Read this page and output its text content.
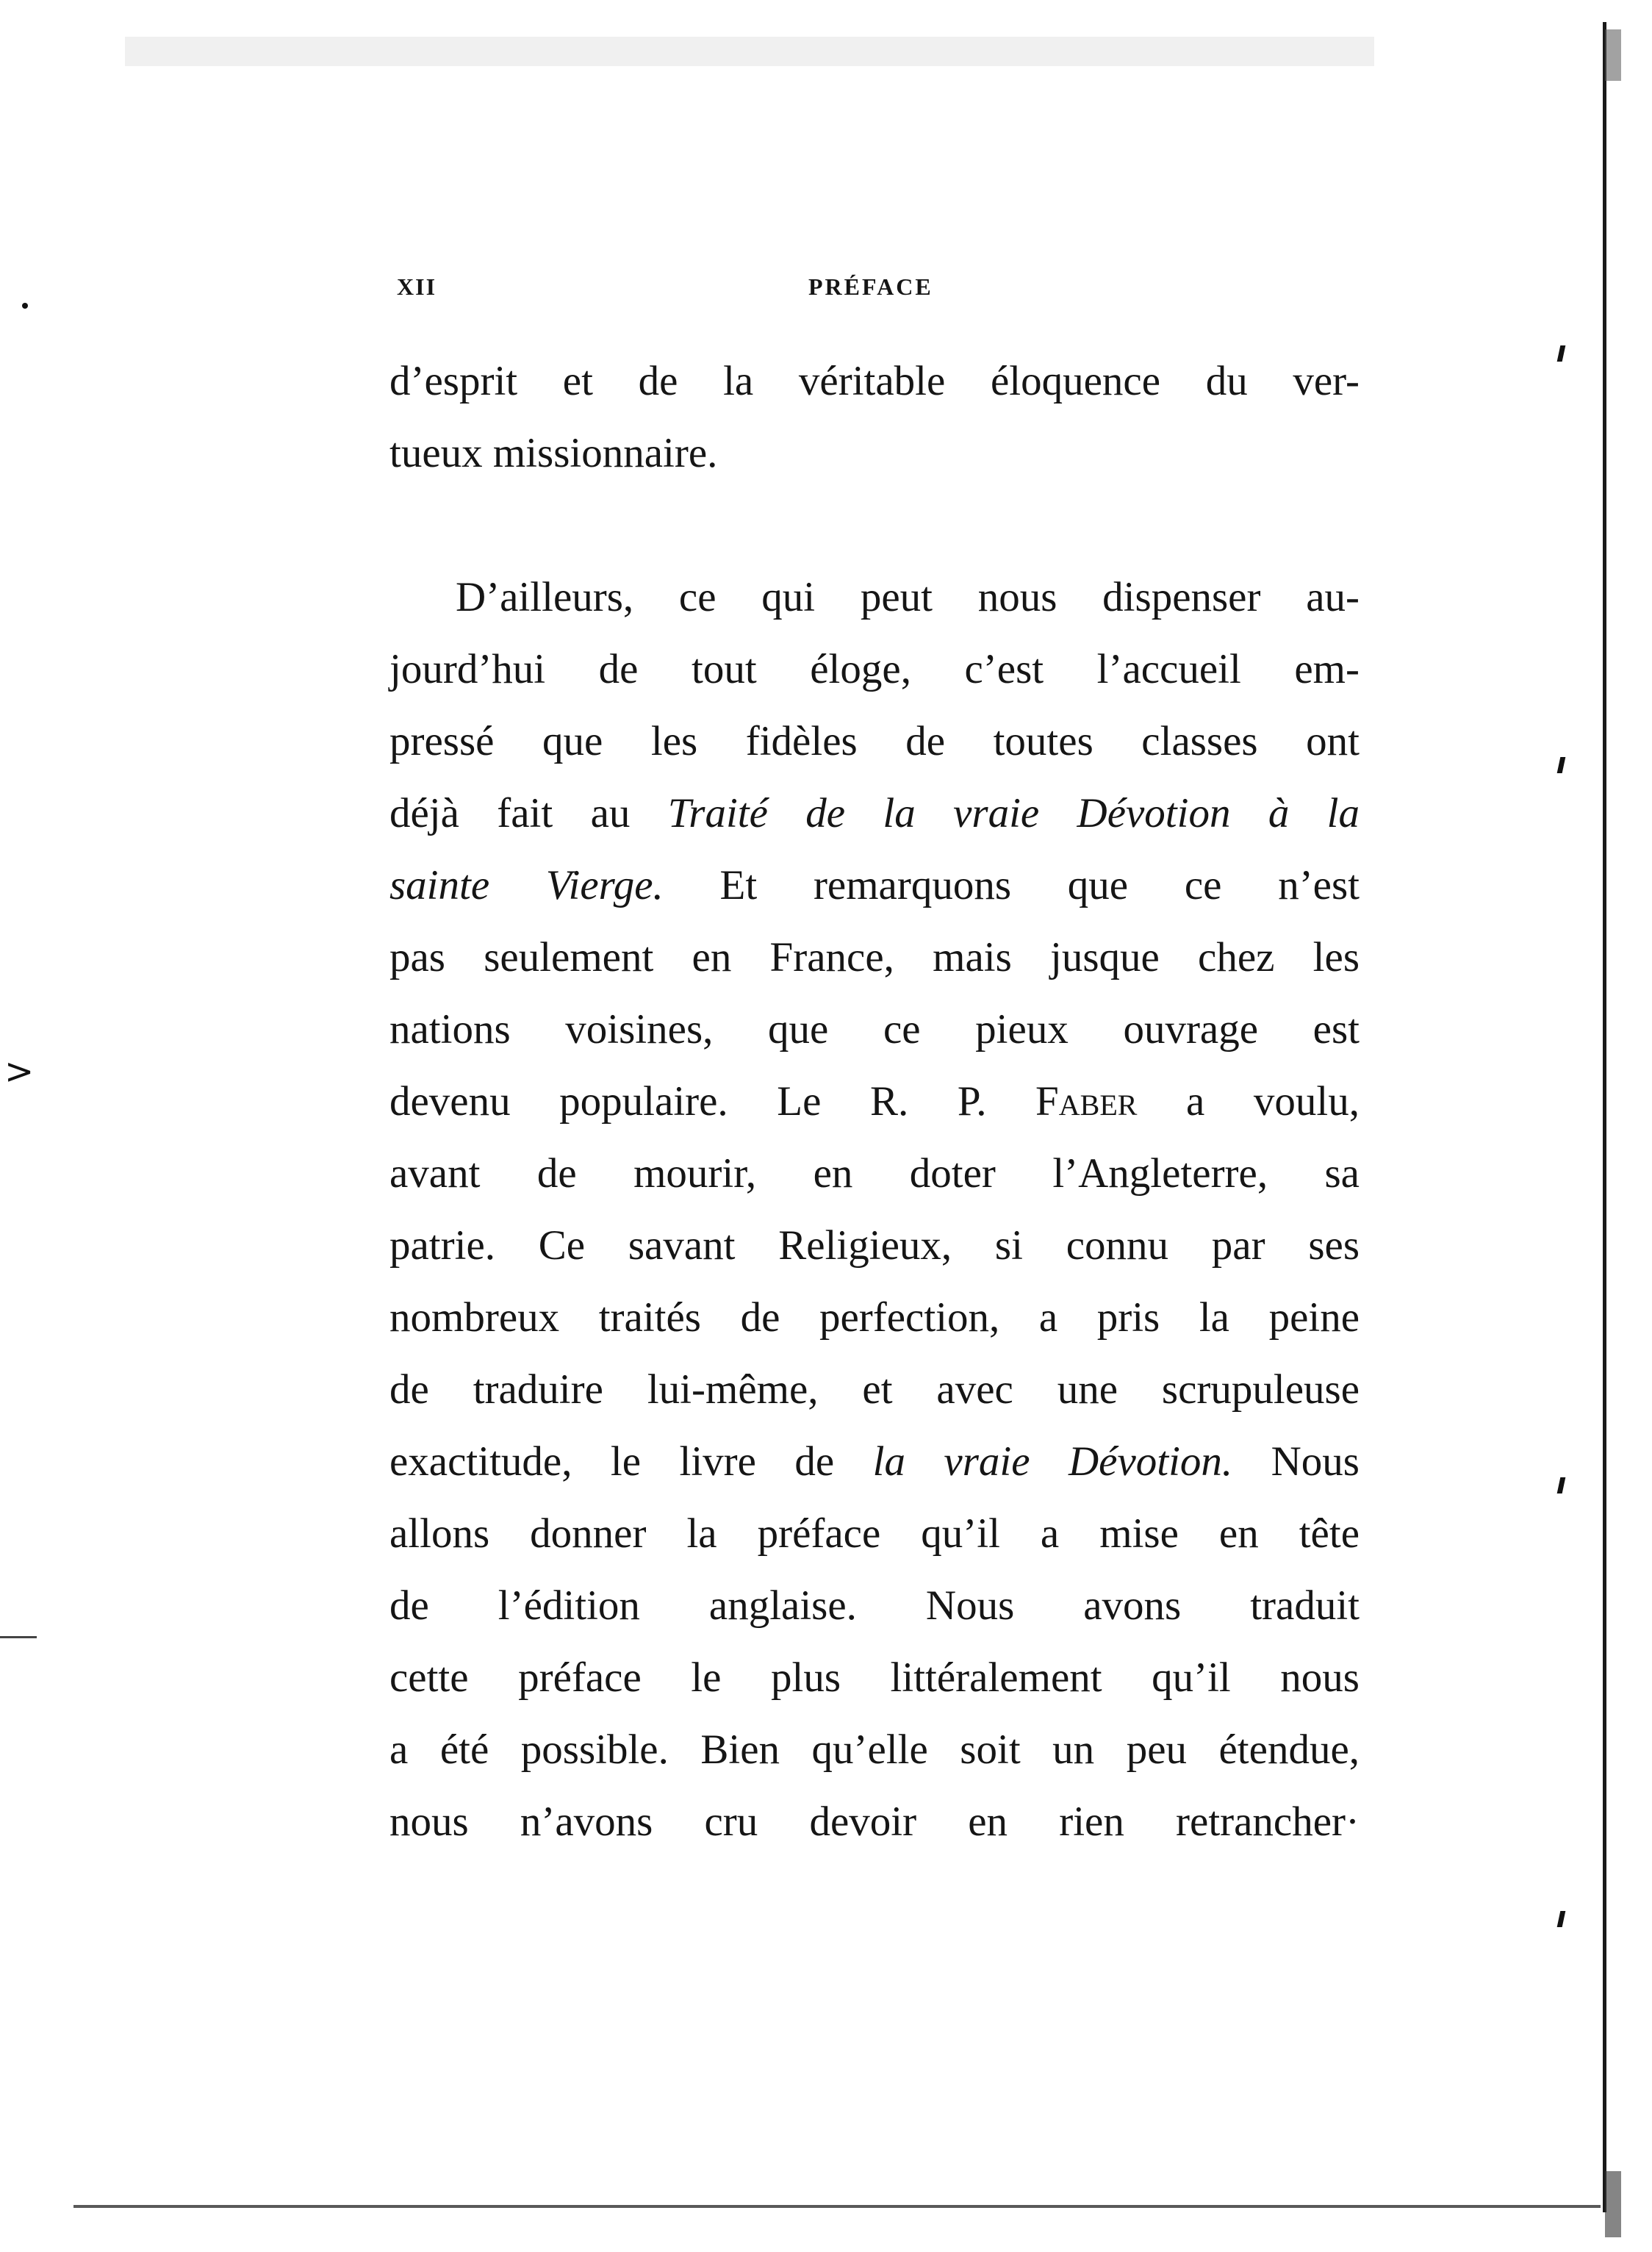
>
XII	PRÉFACE
d’esprit et de la véritable éloquence du ver-
tueux missionnaire.
D’ailleurs, ce qui peut nous dispenser au-
jourd’hui de tout éloge, c’est l’accueil em-
pressé que les fidèles de toutes classes ont
déjà fait au Traité de la vraie Dévotion à la
sainte Vierge. Et remarquons que ce n’est
pas seulement en France, mais jusque chez les
nations voisines, que ce pieux ouvrage est
devenu populaire. Le R. P. Faber a voulu,
avant de mourir, en doter l’Angleterre, sa
patrie. Ce savant Religieux, si connu par ses
nombreux traités de perfection, a pris la peine
de traduire lui-même, et avec une scrupuleuse
exactitude, le livre de la vraie Dévotion. Nous
allons donner la préface qu’il a mise en tête
de l’édition anglaise. Nous avons traduit
cette préface le plus littéralement qu’il nous
a été possible. Bien qu’elle soit un peu étendue,
nous n’avons cru devoir en rien retrancher·
